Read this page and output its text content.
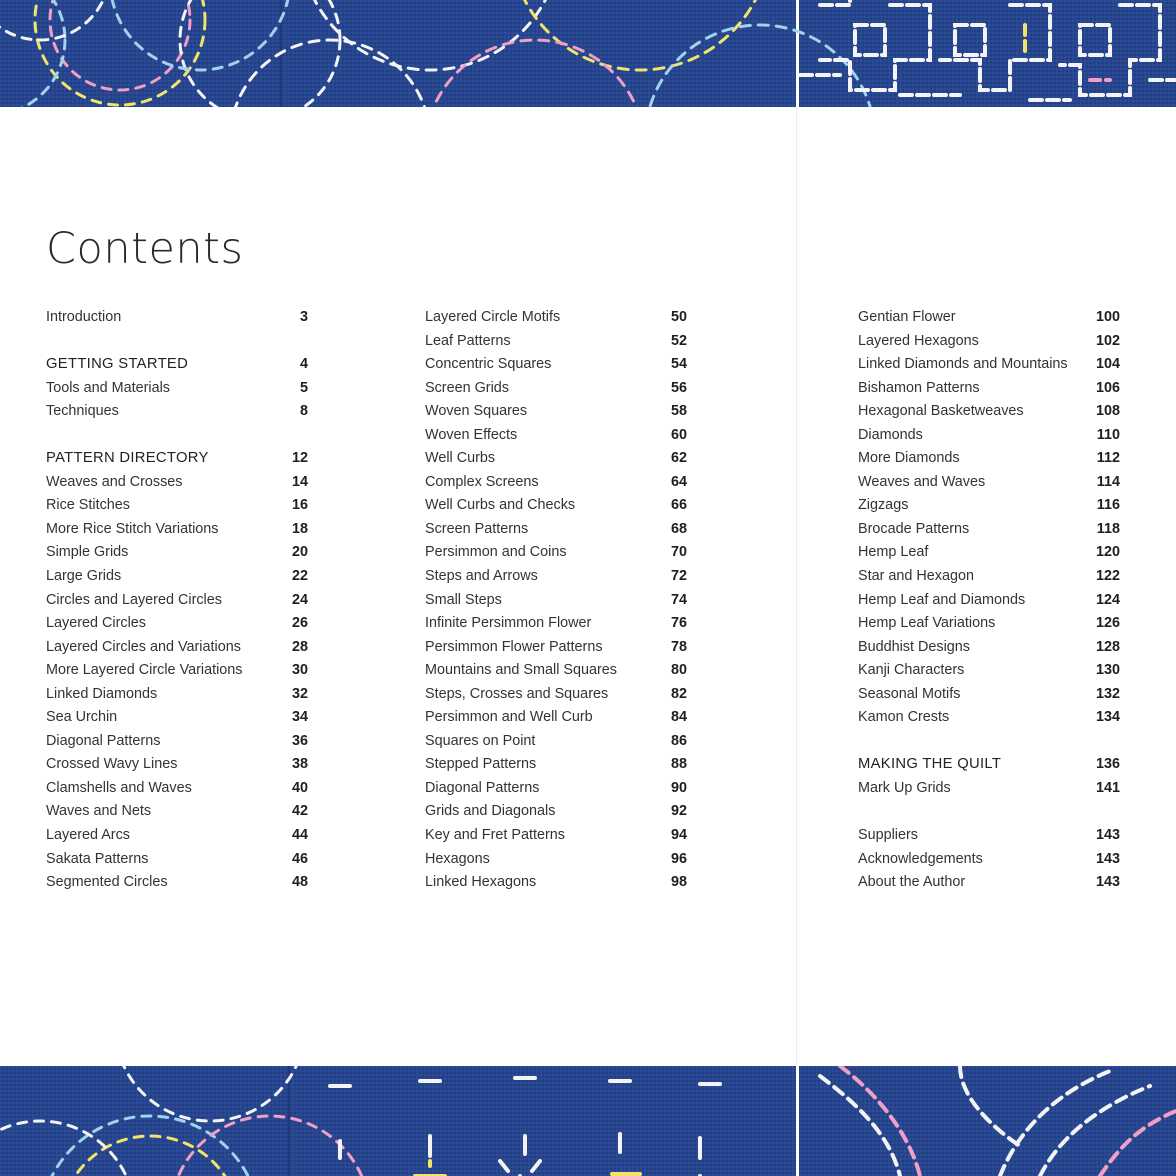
Contents
Introduction	3
GETTING STARTED	4
Tools and Materials	5
Techniques	8
PATTERN DIRECTORY	12
Weaves and Crosses	14
Rice Stitches	16
More Rice Stitch Variations	18
Simple Grids	20
Large Grids	22
Circles and Layered Circles	24
Layered Circles	26
Layered Circles and Variations	28
More Layered Circle Variations	30
Linked Diamonds	32
Sea Urchin	34
Diagonal Patterns	36
Crossed Wavy Lines	38
Clamshells and Waves	40
Waves and Nets	42
Layered Arcs	44
Sakata Patterns	46
Segmented Circles	48
Layered Circle Motifs	50
Leaf Patterns	52
Concentric Squares	54
Screen Grids	56
Woven Squares	58
Woven Effects	60
Well Curbs	62
Complex Screens	64
Well Curbs and Checks	66
Screen Patterns	68
Persimmon and Coins	70
Steps and Arrows	72
Small Steps	74
Infinite Persimmon Flower	76
Persimmon Flower Patterns	78
Mountains and Small Squares	80
Steps, Crosses and Squares	82
Persimmon and Well Curb	84
Squares on Point	86
Stepped Patterns	88
Diagonal Patterns	90
Grids and Diagonals	92
Key and Fret Patterns	94
Hexagons	96
Linked Hexagons	98
Gentian Flower	100
Layered Hexagons	102
Linked Diamonds and Mountains 104
Bishamon Patterns	106
Hexagonal Basketweaves	108
Diamonds	110
More Diamonds	112
Weaves and Waves	114
Zigzags	116
Brocade Patterns	118
Hemp Leaf	120
Star and Hexagon	122
Hemp Leaf and Diamonds	124
Hemp Leaf Variations	126
Buddhist Designs	128
Kanji Characters	130
Seasonal Motifs	132
Kamon Crests	134
MAKING THE QUILT	136
Mark Up Grids	141
Suppliers	143
Acknowledgements	143
About the Author	143
